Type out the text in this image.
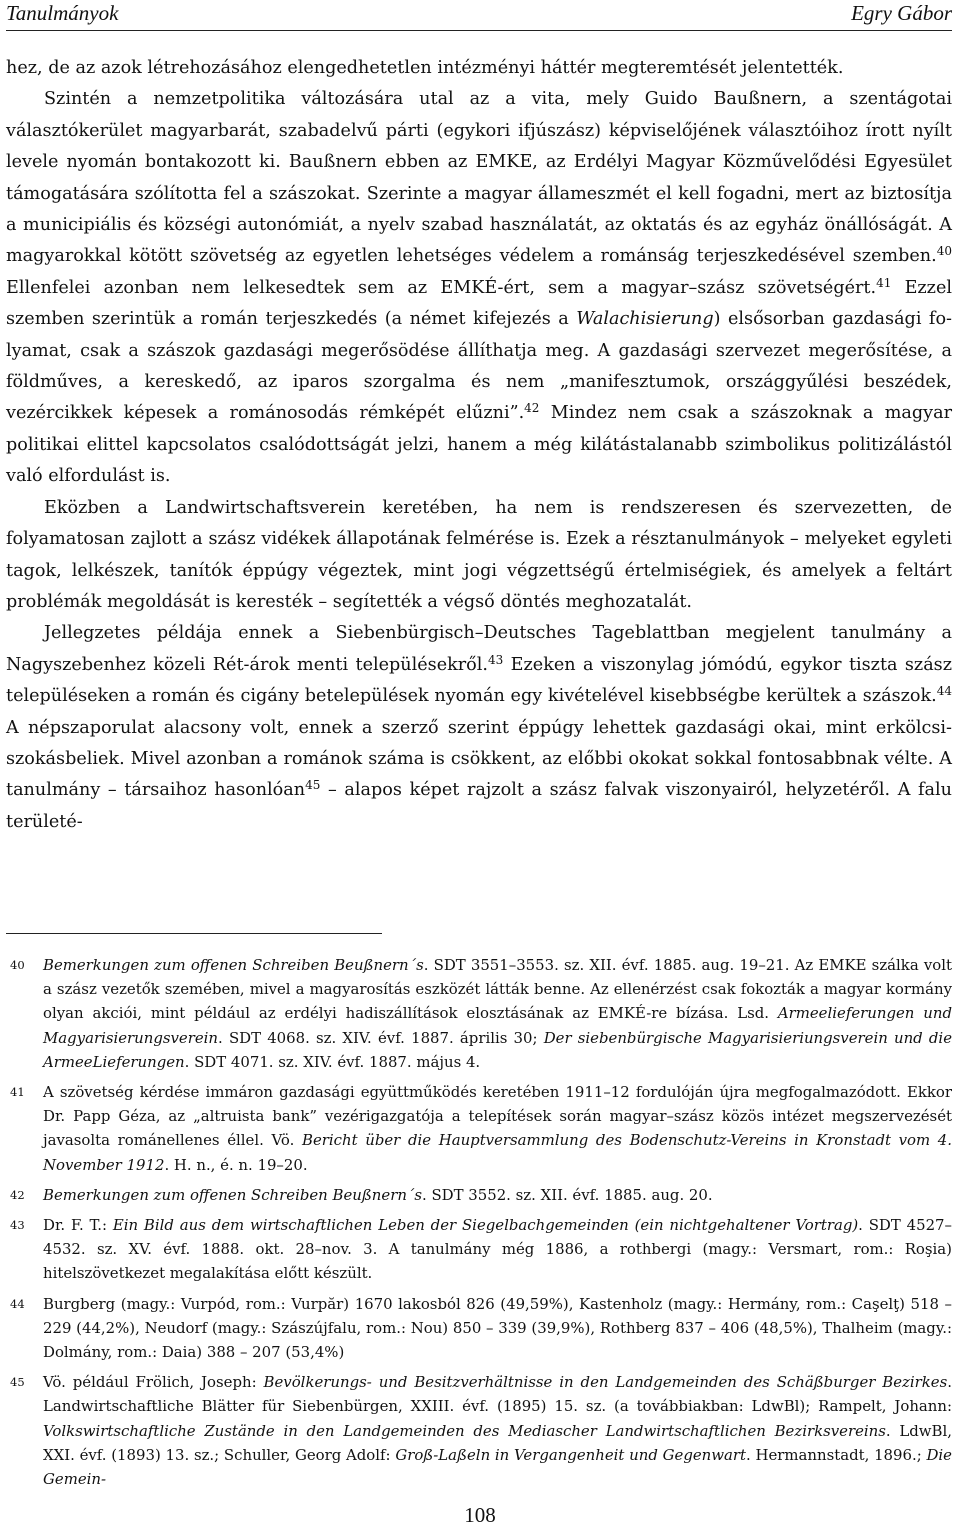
Tanulmányok	Egry Gábor

hez, de az azok létrehozásához elengedhetetlen intézményi háttér megteremtését jelentették.

Szintén a nemzetpolitika változására utal az a vita, mely Guido Baußnern, a szentágotai választókerület magyarbarát, szabadelvű párti (egykori ifjúszász) képviselőjének választóihoz írott nyílt levele nyomán bontakozott ki. Baußnern ebben az EMKE, az Erdélyi Magyar Közművelődési Egyesület támogatására szólította fel a szászokat. Szerinte a magyar állameszmét el kell fogadni, mert az biztosítja a municipiális és községi autonómiát, a nyelv szabad használatát, az oktatás és az egyház önállóságát. A magyarokkal kötött szövetség az egyetlen lehetséges védelem a románság terjeszkedésével szemben.$^{40}$ Ellenfelei azonban nem lelkesedtek sem az EMKÉ-ért, sem a magyar–szász szövetségért.$^{41}$ Ezzel szemben szerintük a román terjeszkedés (a német kifejezés a Walachisierung) elsősorban gazdasági folyamat, csak a szászok gazdasági megerősödése állíthatja meg. A gazdasági szervezet megerősítése, a földműves, a kereskedő, az iparos szorgalma és nem „manifesztumok, országgyűlési beszédek, vezércikkek képesek a románosodás rémképét elűzni”.$^{42}$ Mindez nem csak a szászoknak a magyar politikai elittel kapcsolatos csalódottságát jelzi, hanem a még kilátástalanabb szimbolikus politizálástól való elfordulást is.

Eközben a Landwirtschaftsverein keretében, ha nem is rendszeresen és szervezetten, de folyamatosan zajlott a szász vidékek állapotának felmérése is. Ezek a résztanulmányok – melyeket egyleti tagok, lelkészek, tanítók éppúgy végeztek, mint jogi végzettségű értelmiségiek, és amelyek a feltárt problémák megoldását is keresték – segítették a végső döntés meghozatalát.

Jellegzetes példája ennek a Siebenbürgisch–Deutsches Tageblattban megjelent tanulmány a Nagyszebenhez közeli Rét-árok menti településekről.$^{43}$ Ezeken a viszonylag jómódú, egykor tiszta szász településeken a román és cigány betelepülések nyomán egy kivételével kisebbségbe kerültek a szászok.$^{44}$ A népszaporulat alacsony volt, ennek a szerző szerint éppúgy lehettek gazdasági okai, mint erkölcsi-szokásbeliek. Mivel azonban a románok száma is csökkent, az előbbi okokat sokkal fontosabbnak vélte. A tanulmány – társaihoz hasonlóan$^{45}$ – alapos képet rajzolt a szász falvak viszonyairól, helyzetéről. A falu területé-

40 Bemerkungen zum offenen Schreiben Beußnern´s. SDT 3551–3553. sz. XII. évf. 1885. aug. 19–21. Az EMKE szálka volt a szász vezetők szemében, mivel a magyarosítás eszközét látták benne. Az ellenérzést csak fokozták a magyar kormány olyan akciói, mint például az erdélyi hadiszállítások elosztásának az EMKÉ-re bízása. Lsd. Armeelieferungen und Magyarisierungsverein. SDT 4068. sz. XIV. évf. 1887. április 30; Der siebenbürgische Magyarisieriungsverein und die ArmeeLieferungen. SDT 4071. sz. XIV. évf. 1887. május 4.
41 A szövetség kérdése immáron gazdasági együttműködés keretében 1911–12 fordulóján újra megfogalmazódott. Ekkor Dr. Papp Géza, az „altruista bank” vezérigazgatója a telepítések során magyar–szász közös intézet megszervezését javasolta románellenes éllel. Vö. Bericht über die Hauptversammlung des Bodenschutz-Vereins in Kronstadt vom 4. November 1912. H. n., é. n. 19–20.
42 Bemerkungen zum offenen Schreiben Beußnern´s. SDT 3552. sz. XII. évf. 1885. aug. 20.
43 Dr. F. T.: Ein Bild aus dem wirtschaftlichen Leben der Siegelbachgemeinden (ein nichtgehaltener Vortrag). SDT 4527–4532. sz. XV. évf. 1888. okt. 28–nov. 3. A tanulmány még 1886, a rothbergi (magy.: Versmart, rom.: Roşia) hitelszövetkezet megalakítása előtt készült.
44 Burgberg (magy.: Vurpód, rom.: Vurpăr) 1670 lakosból 826 (49,59%), Kastenholz (magy.: Hermány, rom.: Caşelţ) 518 – 229 (44,2%), Neudorf (magy.: Szászújfalu, rom.: Nou) 850 – 339 (39,9%), Rothberg 837 – 406 (48,5%), Thalheim (magy.: Dolmány, rom.: Daia) 388 – 207 (53,4%)
45 Vö. például Frölich, Joseph: Bevölkerungs- und Besitzverhältnisse in den Landgemeinden des Schäßburger Bezirkes. Landwirtschaftliche Blätter für Siebenbürgen, XXIII. évf. (1895) 15. sz. (a továbbiakban: LdwBl); Rampelt, Johann: Volkswirtschaftliche Zustände in den Landgemeinden des Mediascher Landwirtschaftlichen Bezirksvereins. LdwBl, XXI. évf. (1893) 13. sz.; Schuller, Georg Adolf: Groß-Laßeln in Vergangenheit und Gegenwart. Hermannstadt, 1896.; Die Gemein-
108
